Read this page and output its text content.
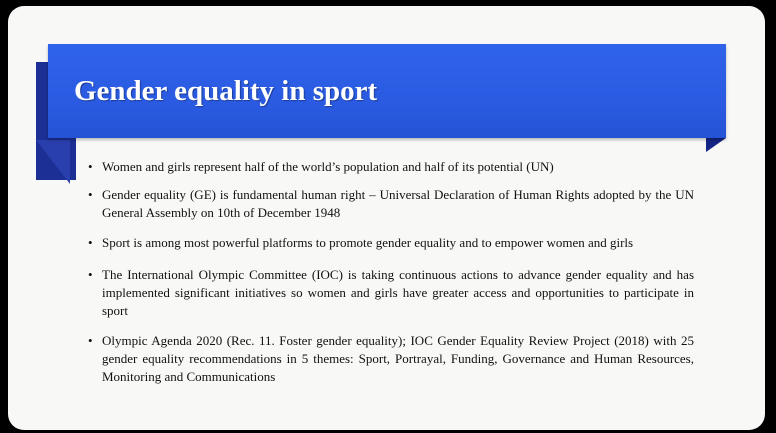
Gender equality in sport
• Women and girls represent half of the world’s population and half of its potential (UN)
• Gender equality (GE) is fundamental human right – Universal Declaration of Human Rights adopted by the UN General Assembly on 10th of December 1948
• Sport is among most powerful platforms to promote gender equality and to empower women and girls
• The International Olympic Committee (IOC) is taking continuous actions to advance gender equality and has implemented significant initiatives so women and girls have greater access and opportunities to participate in sport
• Olympic Agenda 2020 (Rec. 11. Foster gender equality); IOC Gender Equality Review Project (2018) with 25 gender equality recommendations in 5 themes: Sport, Portrayal, Funding, Governance and Human Resources, Monitoring and Communications
